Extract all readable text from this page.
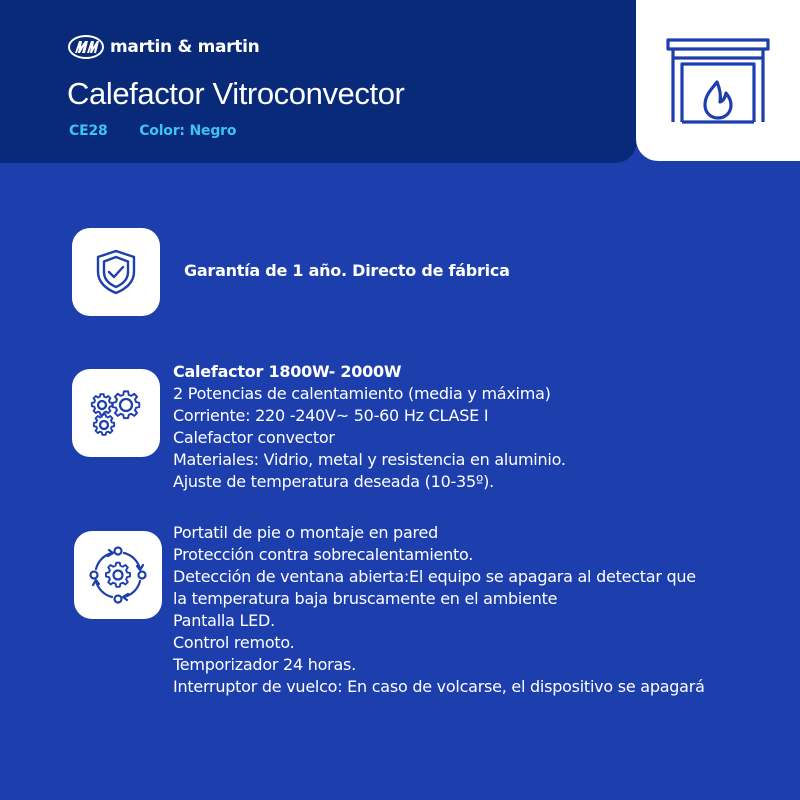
martin & martin
Calefactor Vitroconvector
CE28 Color: Negro
Garantía de 1 año. Directo de fábrica
Calefactor 1800W- 2000W
2 Potencias de calentamiento (media y máxima)
Corriente: 220 -240V~ 50-60 Hz CLASE I
Calefactor convector
Materiales: Vidrio, metal y resistencia en aluminio.
Ajuste de temperatura deseada (10-35º).
Portatil de pie o montaje en pared
Protección contra sobrecalentamiento.
Detección de ventana abierta:El equipo se apagara al detectar que
la temperatura baja bruscamente en el ambiente
Pantalla LED.
Control remoto.
Temporizador 24 horas.
Interruptor de vuelco: En caso de volcarse, el dispositivo se apagará
